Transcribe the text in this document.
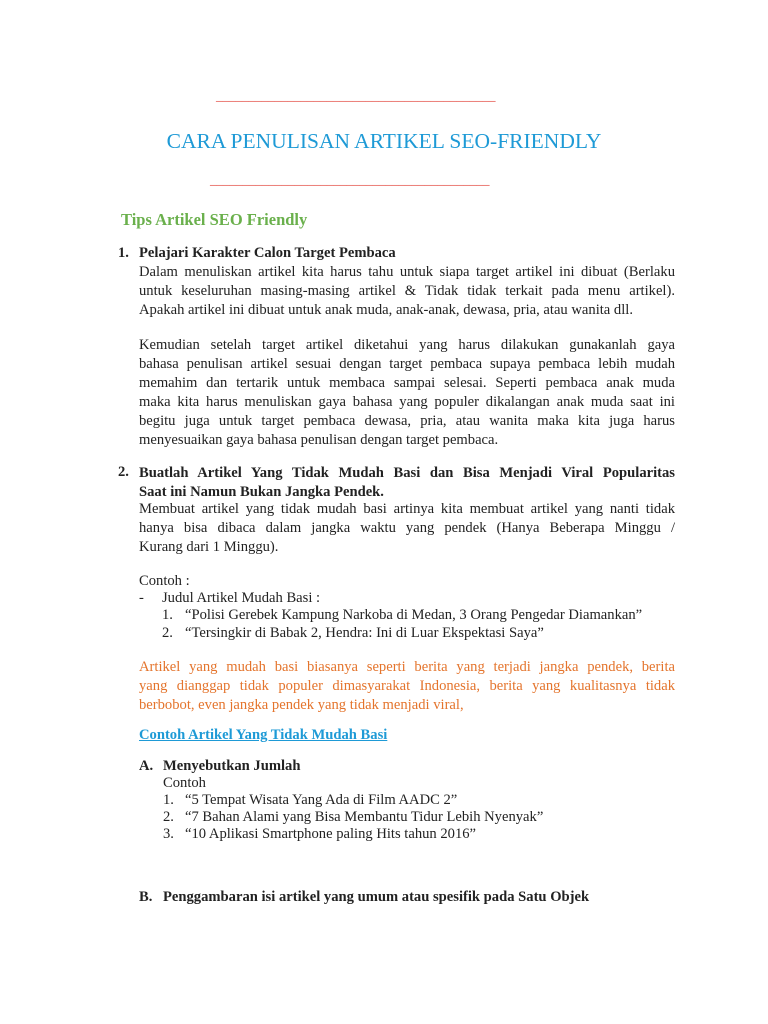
___________________________________________
CARA PENULISAN ARTIKEL SEO-FRIENDLY
___________________________________________
Tips Artikel SEO Friendly
1. Pelajari Karakter Calon Target Pembaca
Dalam menuliskan artikel kita harus tahu untuk siapa target artikel ini dibuat (Berlaku
untuk keseluruhan masing-masing artikel & Tidak tidak terkait pada menu artikel).
Apakah artikel ini dibuat untuk anak muda, anak-anak, dewasa, pria, atau wanita dll.
Kemudian setelah target artikel diketahui yang harus dilakukan gunakanlah gaya
bahasa penulisan artikel sesuai dengan target pembaca supaya pembaca lebih mudah
memahim dan tertarik untuk membaca sampai selesai. Seperti pembaca anak muda
maka kita harus menuliskan gaya bahasa yang populer dikalangan anak muda saat ini
begitu juga untuk target pembaca dewasa, pria, atau wanita maka kita juga harus
menyesuaikan gaya bahasa penulisan dengan target pembaca.
2. Buatlah Artikel Yang Tidak Mudah Basi dan Bisa Menjadi Viral Popularitas
Saat ini Namun Bukan Jangka Pendek.
Membuat artikel yang tidak mudah basi artinya kita membuat artikel yang nanti tidak
hanya bisa dibaca dalam jangka waktu yang pendek (Hanya Beberapa Minggu /
Kurang dari 1 Minggu).
Contoh :
- Judul Artikel Mudah Basi :
1. “Polisi Gerebek Kampung Narkoba di Medan, 3 Orang Pengedar Diamankan”
2. “Tersingkir di Babak 2, Hendra: Ini di Luar Ekspektasi Saya”
Artikel yang mudah basi biasanya seperti berita yang terjadi jangka pendek, berita
yang dianggap tidak populer dimasyarakat Indonesia, berita yang kualitasnya tidak
berbobot, even jangka pendek yang tidak menjadi viral,
Contoh Artikel Yang Tidak Mudah Basi
A. Menyebutkan Jumlah
Contoh
1. “5 Tempat Wisata Yang Ada di Film AADC 2”
2. “7 Bahan Alami yang Bisa Membantu Tidur Lebih Nyenyak”
3. “10 Aplikasi Smartphone paling Hits tahun 2016”
B. Penggambaran isi artikel yang umum atau spesifik pada Satu Objek
